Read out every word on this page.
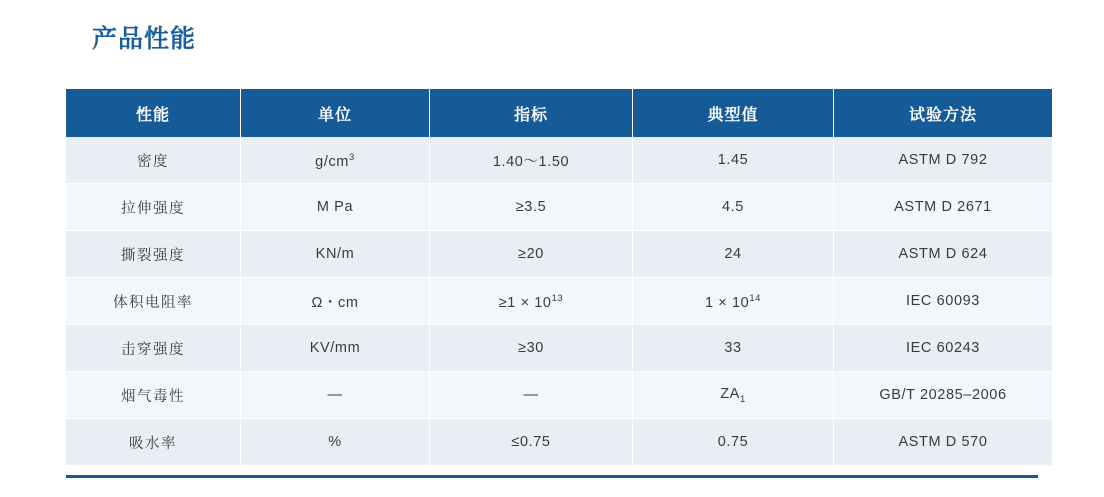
产品性能
性能	单位	指标	典型值	试验方法
密度	$g/cm^3$	1.40～1.50	1.45	ASTM D 792
拉伸强度	M Pa	≥3.5	4.5	ASTM D 2671
撕裂强度	KN/m	≥20	24	ASTM D 624
体积电阻率	Ω・cm	$\ge 1 \times 10^{13}$	$1 \times 10^{14}$	IEC 60093
击穿强度	KV/mm	≥30	33	IEC 60243
烟气毒性	—	—	$ZA_1$	GB/T 20285–2006
吸水率	%	≤0.75	0.75	ASTM D 570
